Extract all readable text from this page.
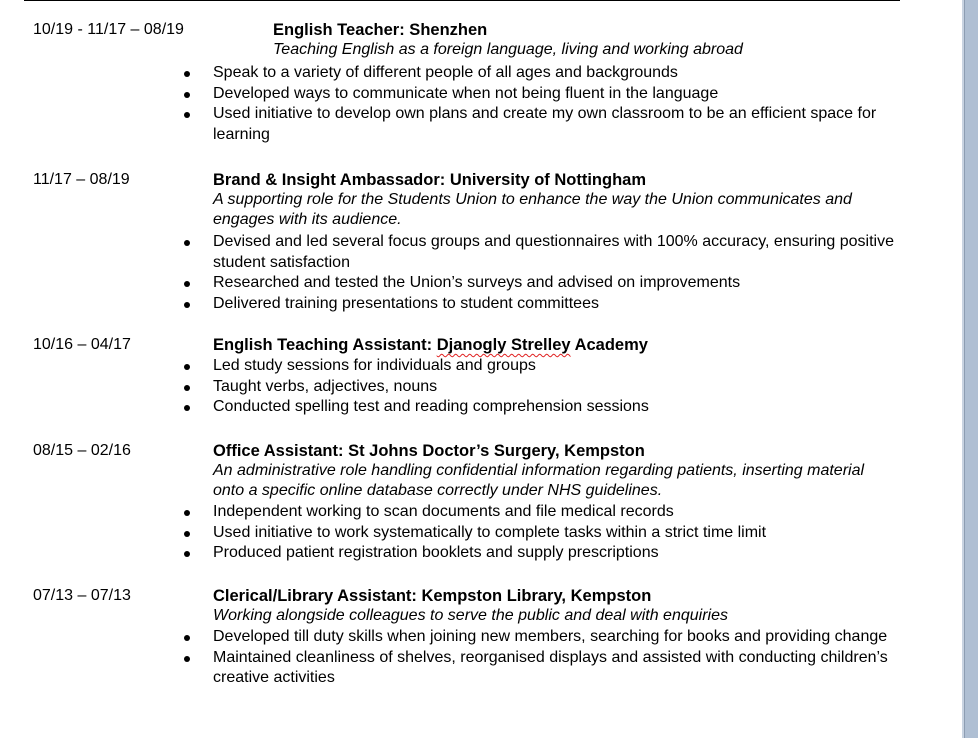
10/19 - 11/17 – 08/19	English Teacher: Shenzhen
Teaching English as a foreign language, living and working abroad
Speak to a variety of different people of all ages and backgrounds
Developed ways to communicate when not being fluent in the language
Used initiative to develop own plans and create my own classroom to be an efficient space for learning
11/17 – 08/19	Brand & Insight Ambassador: University of Nottingham
A supporting role for the Students Union to enhance the way the Union communicates and engages with its audience.
Devised and led several focus groups and questionnaires with 100% accuracy, ensuring positive student satisfaction
Researched and tested the Union’s surveys and advised on improvements
Delivered training presentations to student committees
10/16 – 04/17	English Teaching Assistant: Djanogly Strelley Academy
Led study sessions for individuals and groups
Taught verbs, adjectives, nouns
Conducted spelling test and reading comprehension sessions
08/15 – 02/16	Office Assistant: St Johns Doctor’s Surgery, Kempston
An administrative role handling confidential information regarding patients, inserting material onto a specific online database correctly under NHS guidelines.
Independent working to scan documents and file medical records
Used initiative to work systematically to complete tasks within a strict time limit
Produced patient registration booklets and supply prescriptions
07/13 – 07/13	Clerical/Library Assistant: Kempston Library, Kempston
Working alongside colleagues to serve the public and deal with enquiries
Developed till duty skills when joining new members, searching for books and providing change
Maintained cleanliness of shelves, reorganised displays and assisted with conducting children’s creative activities
